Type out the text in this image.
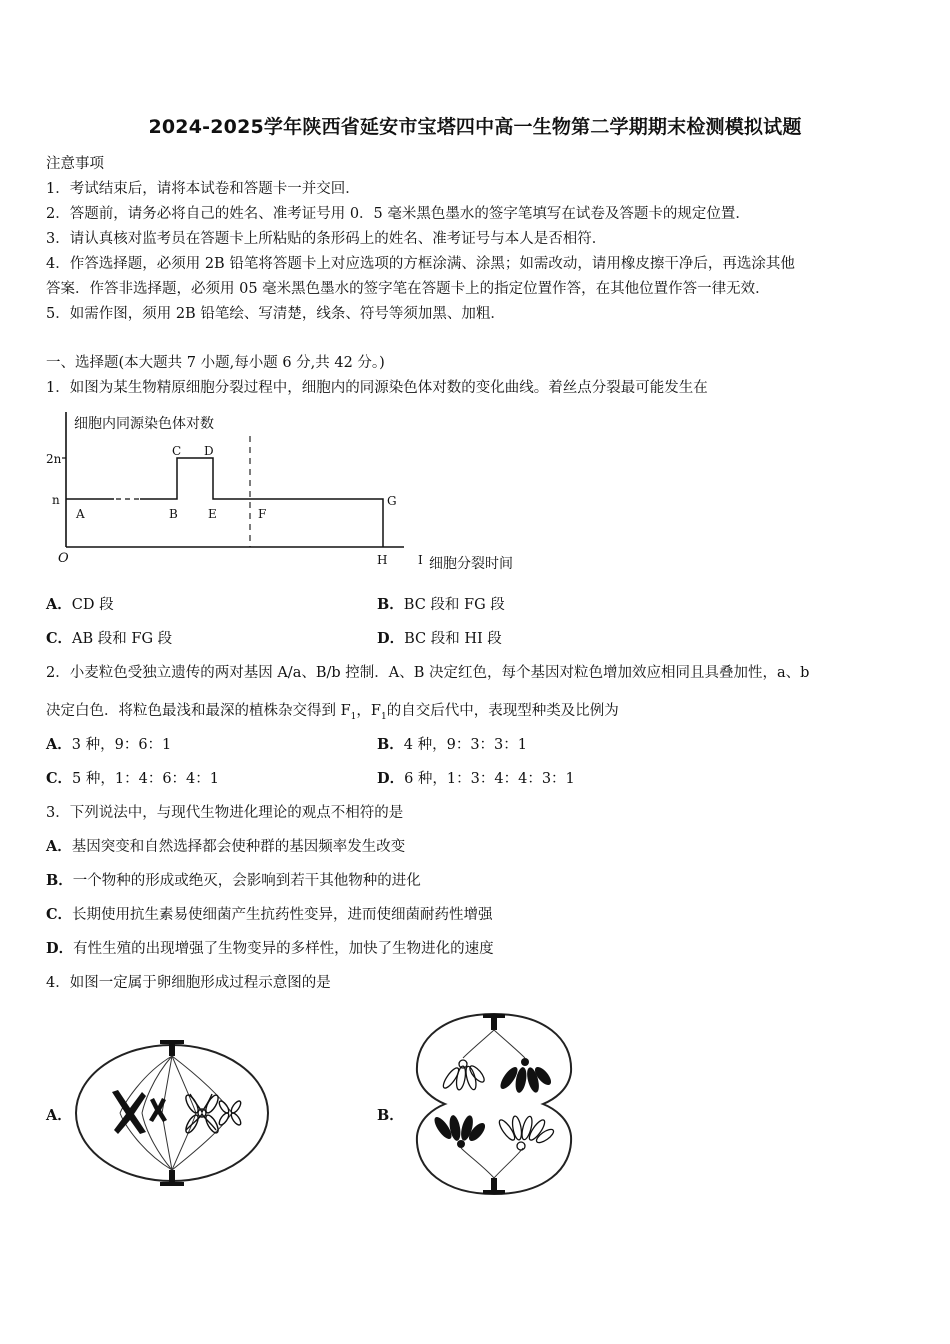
2024-2025学年陕西省延安市宝塔四中高一生物第二学期期末检测模拟试题
注意事项
1．考试结束后，请将本试卷和答题卡一并交回．
2．答题前，请务必将自己的姓名、准考证号用 0．5 毫米黑色墨水的签字笔填写在试卷及答题卡的规定位置．
3．请认真核对监考员在答题卡上所粘贴的条形码上的姓名、准考证号与本人是否相符．
4．作答选择题，必须用 2B 铅笔将答题卡上对应选项的方框涂满、涂黑；如需改动，请用橡皮擦干净后，再选涂其他
答案．作答非选择题，必须用 05 毫米黑色墨水的签字笔在答题卡上的指定位置作答，在其他位置作答一律无效．
5．如需作图，须用 2B 铅笔绘、写清楚，线条、符号等须加黑、加粗．
一、选择题(本大题共 7 小题,每小题 6 分,共 42 分。)
1．如图为某生物精原细胞分裂过程中，细胞内的同源染色体对数的变化曲线。着丝点分裂最可能发生在
细胞内同源染色体对数
2n
n
O
A	B
C D
E	F
G
H	I 细胞分裂时间
A．CD 段	B．BC 段和 FG 段
C．AB 段和 FG 段	D．BC 段和 HI 段
2．小麦粒色受独立遗传的两对基因 A/a、B/b 控制．A、B 决定红色，每个基因对粒色增加效应相同且具叠加性，a、b
决定白色．将粒色最浅和最深的植株杂交得到 $F_1$，$F_1$的自交后代中，表现型种类及比例为
A．3 种，9：6：1	B．4 种，9：3：3：1
C．5 种，1：4：6：4：1	D．6 种，1：3：4：4：3：1
3．下列说法中，与现代生物进化理论的观点不相符的是
A．基因突变和自然选择都会使种群的基因频率发生改变
B．一个物种的形成或绝灭，会影响到若干其他物种的进化
C．长期使用抗生素易使细菌产生抗药性变异，进而使细菌耐药性增强
D．有性生殖的出现增强了生物变异的多样性，加快了生物进化的速度
4．如图一定属于卵细胞形成过程示意图的是
A．	B．
